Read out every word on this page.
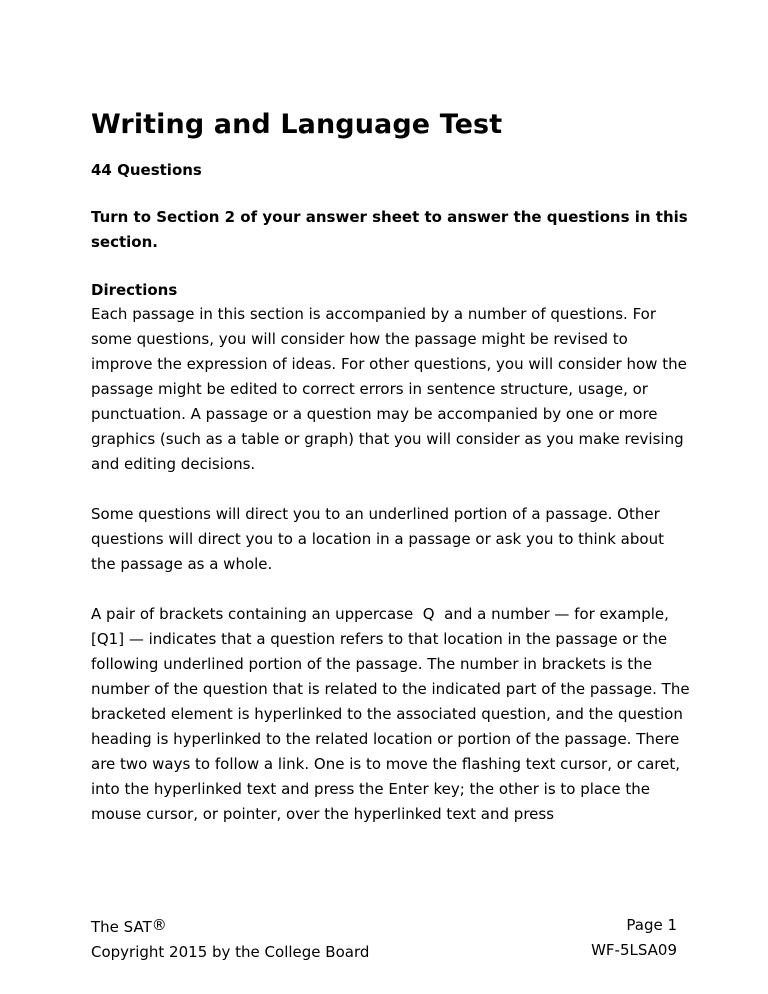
Writing and Language Test
44 Questions
Turn to Section 2 of your answer sheet to answer the questions in this section.
Directions

Each passage in this section is accompanied by a number of questions. For some questions, you will consider how the passage might be revised to improve the expression of ideas. For other questions, you will consider how the passage might be edited to correct errors in sentence structure, usage, or punctuation. A passage or a question may be accompanied by one or more graphics (such as a table or graph) that you will consider as you make revising and editing decisions.

Some questions will direct you to an underlined portion of a passage. Other questions will direct you to a location in a passage or ask you to think about the passage as a whole.

A pair of brackets containing an uppercase  Q  and a number — for example, [Q1] — indicates that a question refers to that location in the passage or the following underlined portion of the passage. The number in brackets is the number of the question that is related to the indicated part of the passage. The bracketed element is hyperlinked to the associated question, and the question heading is hyperlinked to the related location or portion of the passage. There are two ways to follow a link. One is to move the flashing text cursor, or caret, into the hyperlinked text and press the Enter key; the other is to place the mouse cursor, or pointer, over the hyperlinked text and press

The SAT®
Copyright 2015 by the College Board
Page 1
WF-5LSA09
